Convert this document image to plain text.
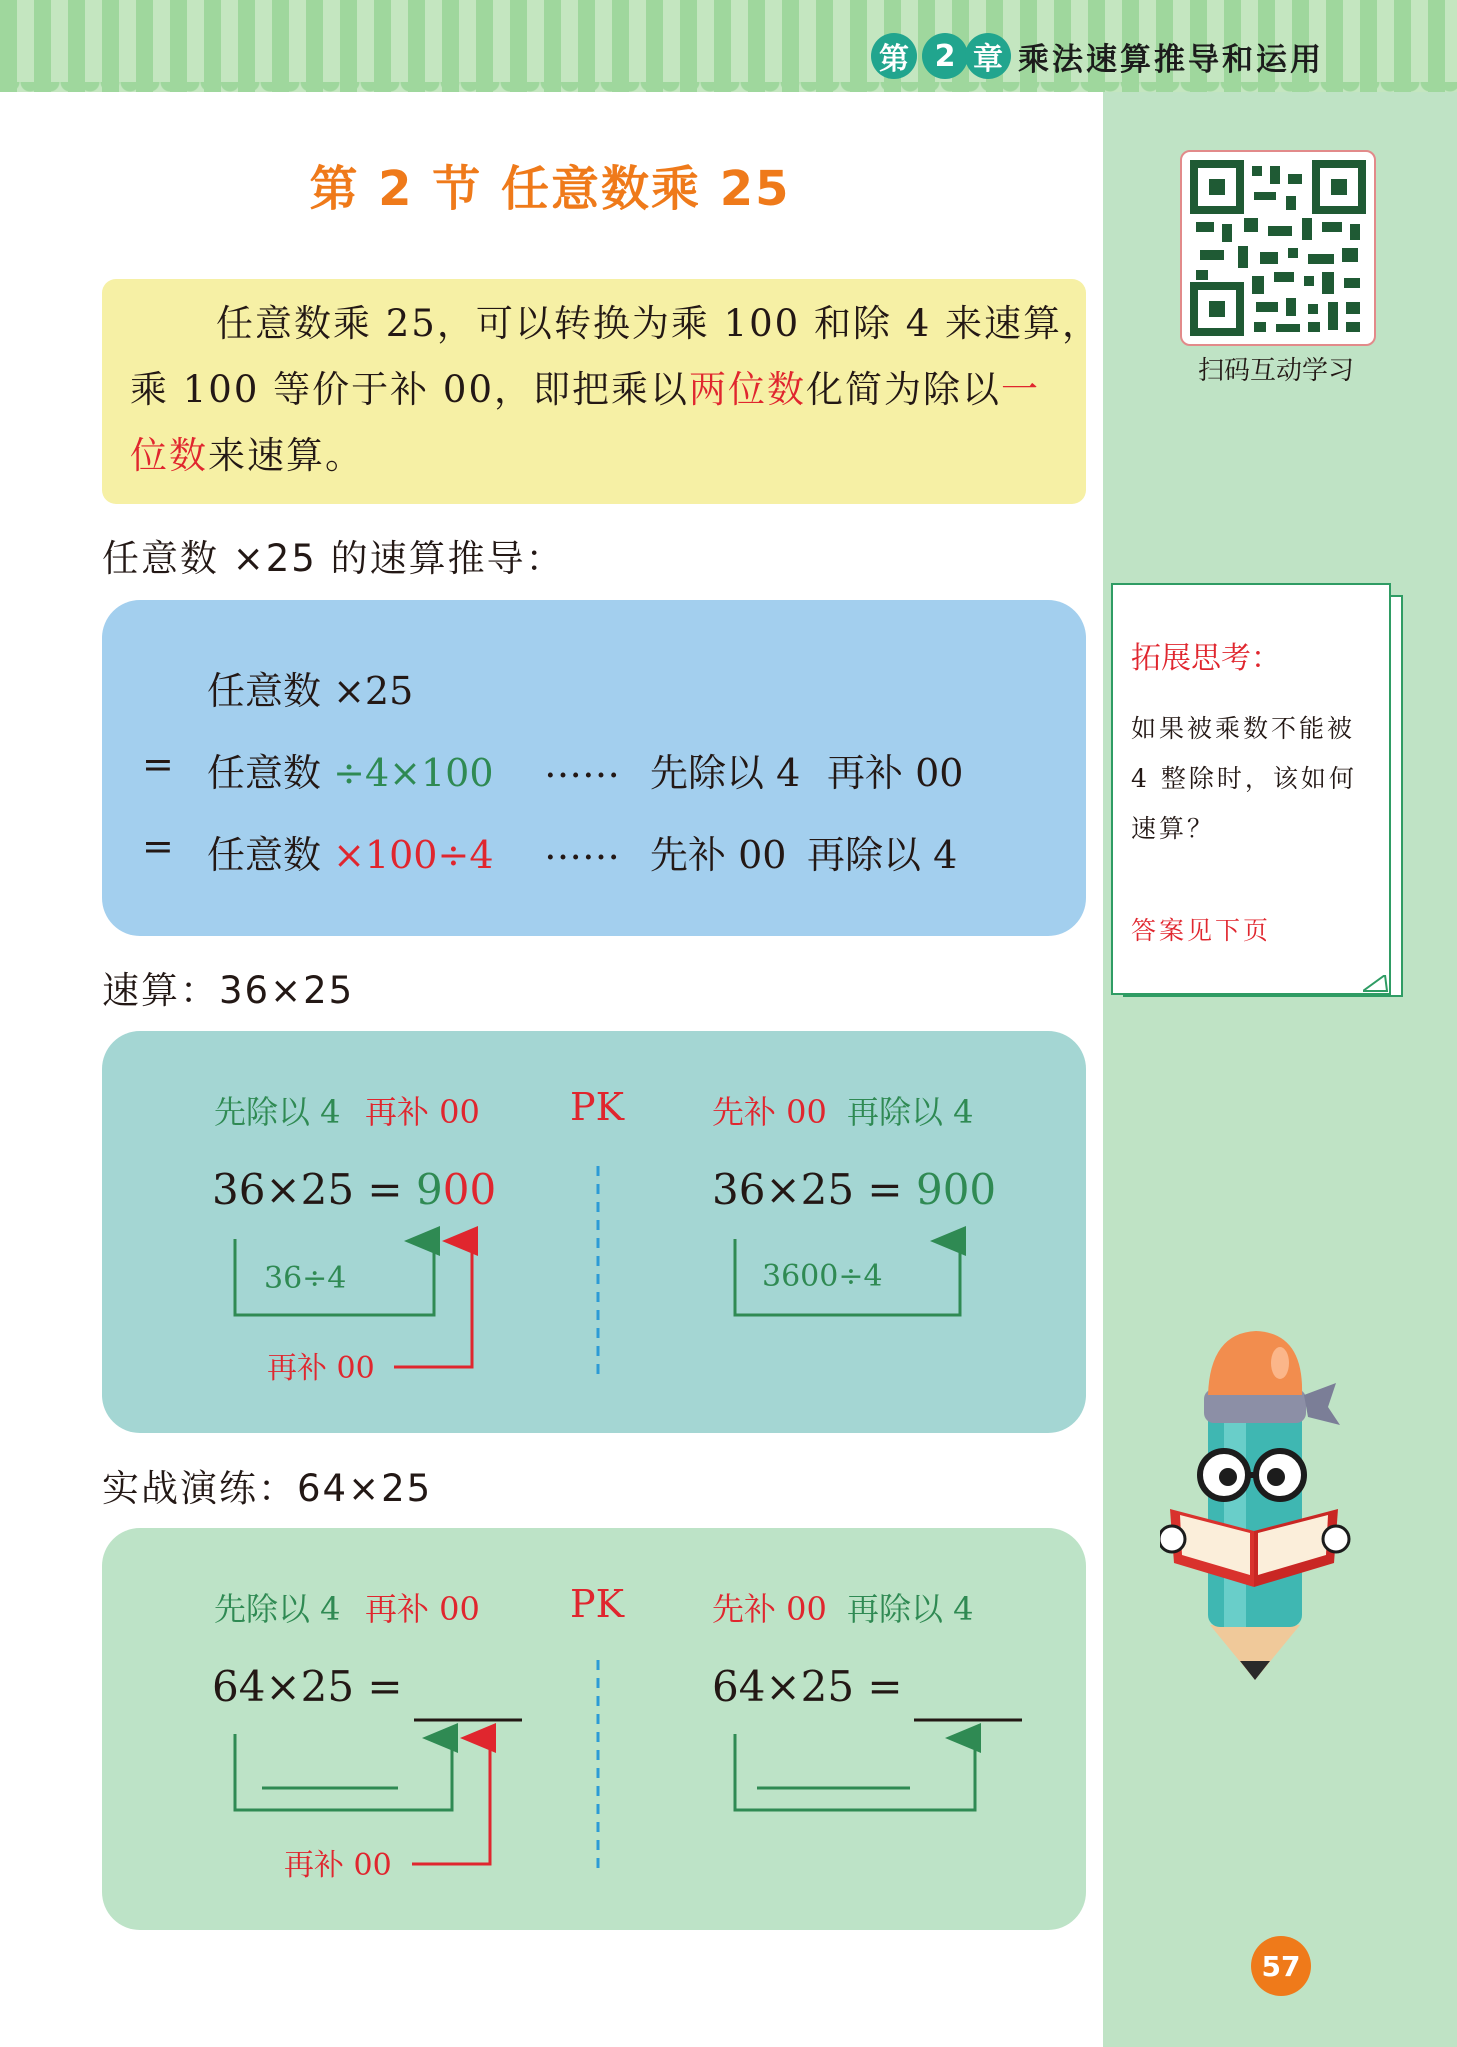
第 2 章 乘法速算推导和运用
第 2 节 任意数乘 25
任意数乘 25，可以转换为乘 100 和除 4 来速算，
乘 100 等价于补 00，即把乘以两位数化简为除以一
位数来速算。
任意数 ×25 的速算推导：
任意数 ×25
= 任意数 ÷4×100 …… 先除以 4 再补 00
= 任意数 ×100÷4 …… 先补 00 再除以 4
速算：36×25
先除以 4 再补 00 PK	先补 00 再除以 4
36×25 = 900	36×25 = 900
36÷4
再补 00
3600÷4
实战演练：64×25
先除以 4 再补 00 PK	先补 00 再除以 4
64×25 =	64×25 =
再补 00
扫码互动学习
拓展思考：
如果被乘数不能被
4 整除时，该如何
速算？
答案见下页
57
